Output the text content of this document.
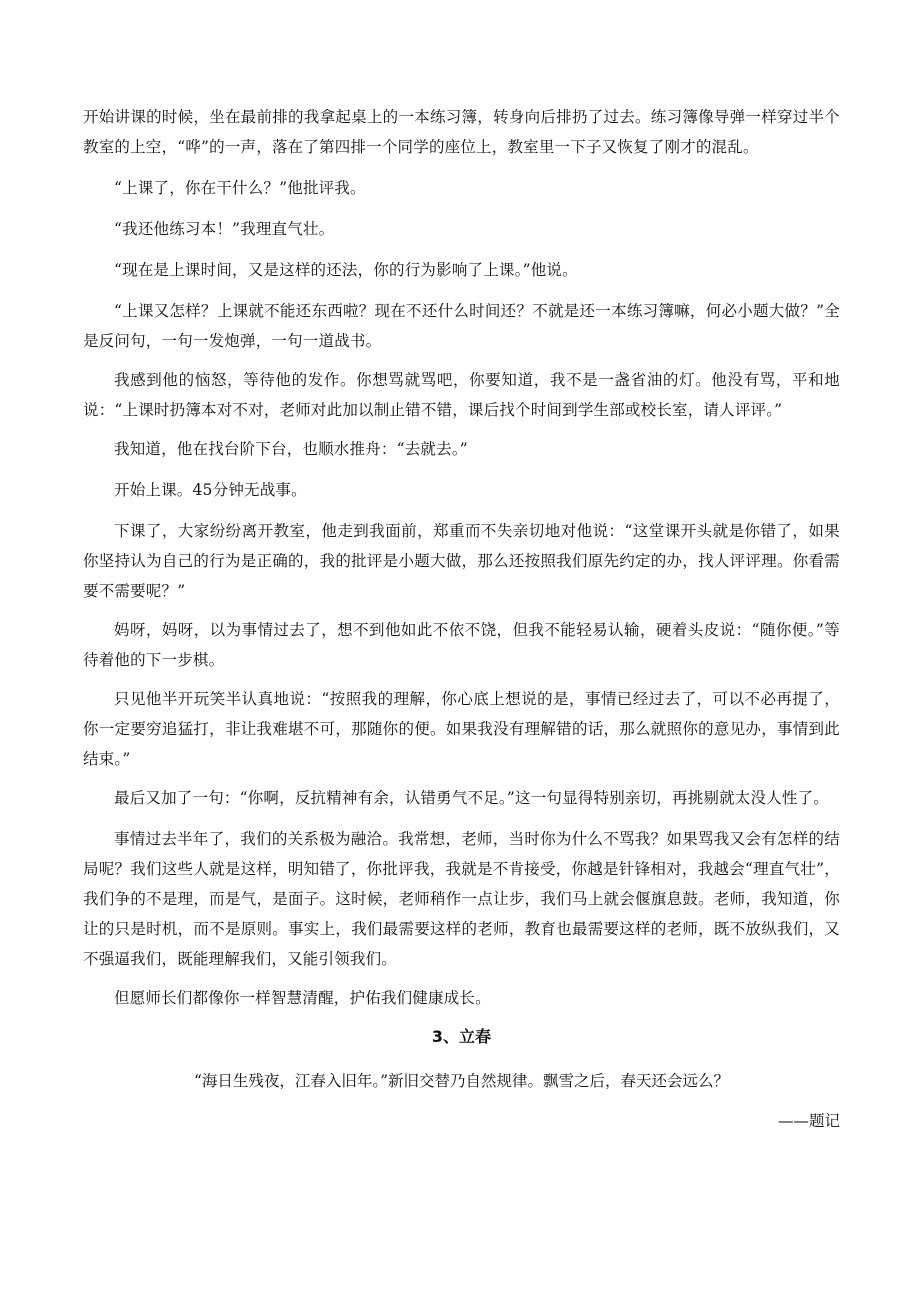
开始讲课的时候，坐在最前排的我拿起桌上的一本练习簿，转身向后排扔了过去。练习簿像导弹一样穿过半个教室的上空，“哗”的一声，落在了第四排一个同学的座位上，教室里一下子又恢复了刚才的混乱。

“上课了，你在干什么？”他批评我。

“我还他练习本！”我理直气壮。

“现在是上课时间，又是这样的还法，你的行为影响了上课。”他说。

“上课又怎样？上课就不能还东西啦？现在不还什么时间还？不就是还一本练习簿嘛，何必小题大做？”全是反问句，一句一发炮弹，一句一道战书。

我感到他的恼怒，等待他的发作。你想骂就骂吧，你要知道，我不是一盏省油的灯。他没有骂，平和地说：“上课时扔簿本对不对，老师对此加以制止错不错，课后找个时间到学生部或校长室，请人评评。”

我知道，他在找台阶下台，也顺水推舟：“去就去。”

开始上课。45分钟无战事。

下课了，大家纷纷离开教室，他走到我面前，郑重而不失亲切地对他说：“这堂课开头就是你错了，如果你坚持认为自己的行为是正确的，我的批评是小题大做，那么还按照我们原先约定的办，找人评评理。你看需要不需要呢？”

妈呀，妈呀，以为事情过去了，想不到他如此不依不饶，但我不能轻易认输，硬着头皮说：“随你便。”等待着他的下一步棋。

只见他半开玩笑半认真地说：“按照我的理解，你心底上想说的是，事情已经过去了，可以不必再提了，你一定要穷追猛打，非让我难堪不可，那随你的便。如果我没有理解错的话，那么就照你的意见办，事情到此结束。”

最后又加了一句：“你啊，反抗精神有余，认错勇气不足。”这一句显得特别亲切，再挑剔就太没人性了。

事情过去半年了，我们的关系极为融洽。我常想，老师，当时你为什么不骂我？如果骂我又会有怎样的结局呢？我们这些人就是这样，明知错了，你批评我，我就是不肯接受，你越是针锋相对，我越会“理直气壮”，我们争的不是理，而是气，是面子。这时候，老师稍作一点让步，我们马上就会偃旗息鼓。老师，我知道，你让的只是时机，而不是原则。事实上，我们最需要这样的老师，教育也最需要这样的老师，既不放纵我们，又不强逼我们，既能理解我们，又能引领我们。

但愿师长们都像你一样智慧清醒，护佑我们健康成长。

3、立春

“海日生残夜，江春入旧年。”新旧交替乃自然规律。飘雪之后，春天还会远么？

——题记
